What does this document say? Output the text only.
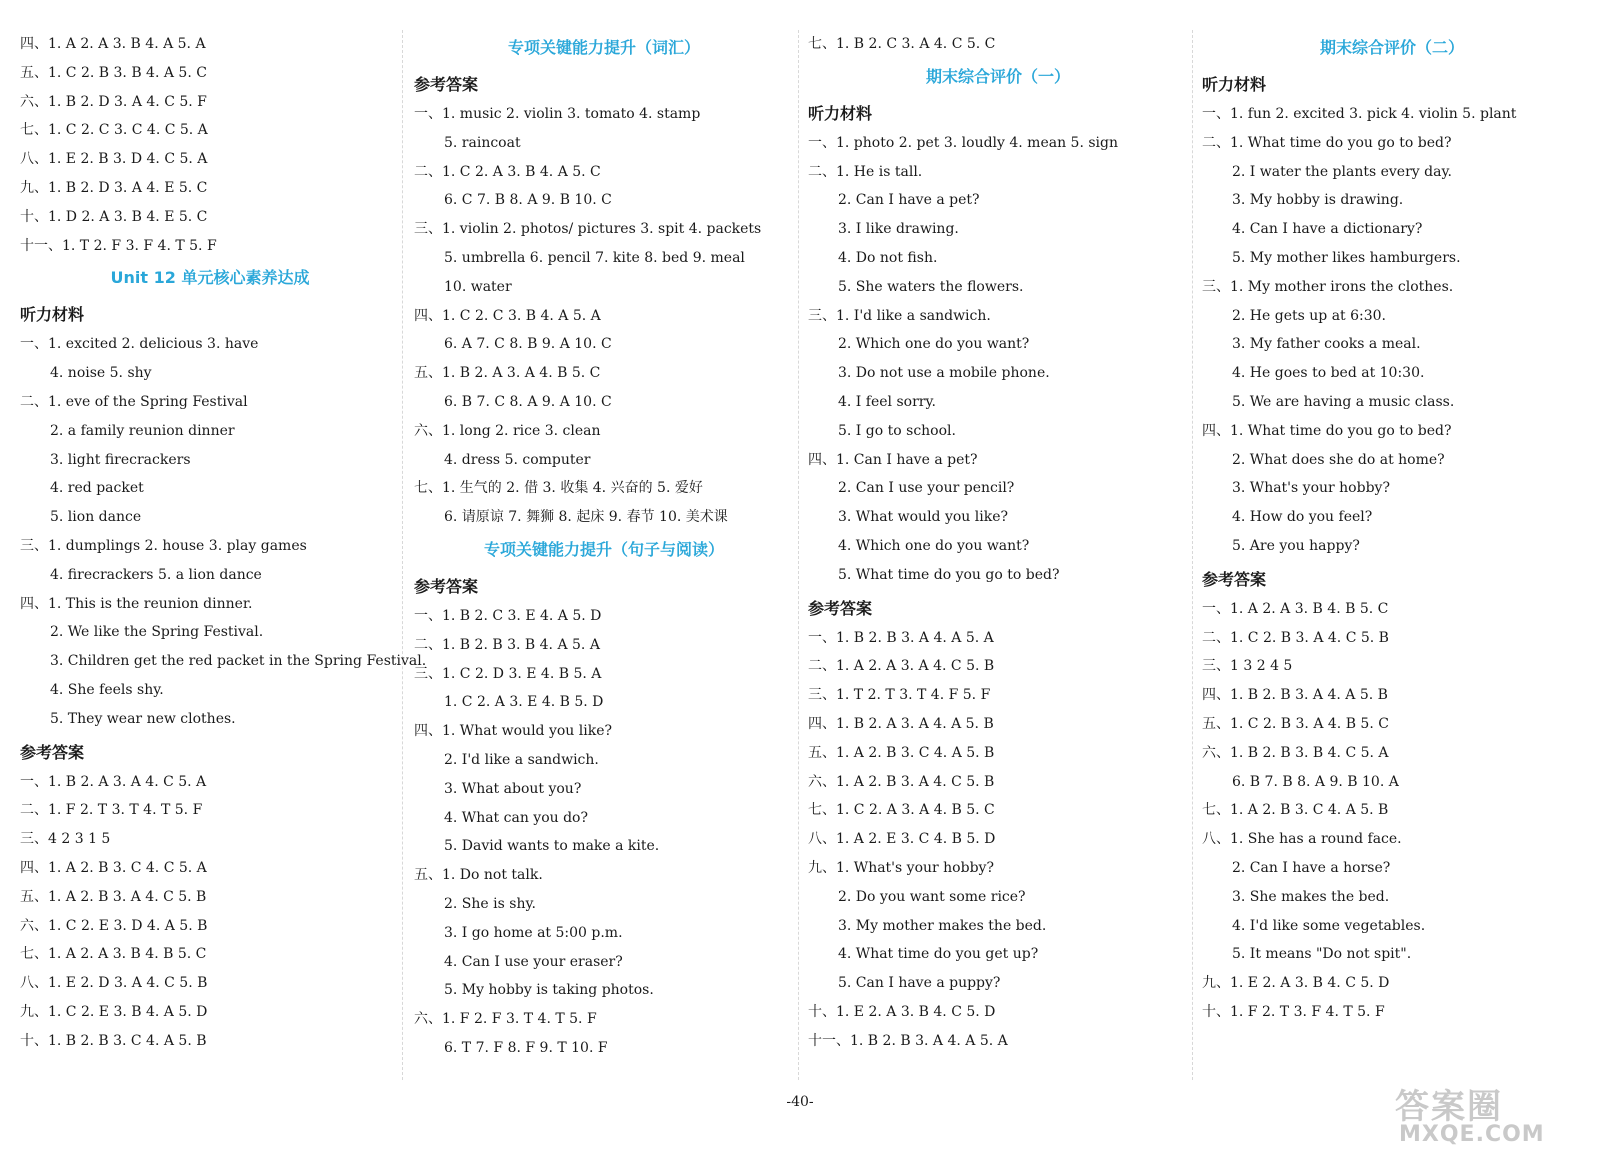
四、1. A 2. A 3. B 4. A 5. A
五、1. C 2. B 3. B 4. A 5. C
六、1. B 2. D 3. A 4. C 5. F
七、1. C 2. C 3. C 4. C 5. A
八、1. E 2. B 3. D 4. C 5. A
九、1. B 2. D 3. A 4. E 5. C
十、1. D 2. A 3. B 4. E 5. C
十一、1. T 2. F 3. F 4. T 5. F
Unit 12 单元核心素养达成
听力材料
一、1. excited 2. delicious 3. have
4. noise 5. shy
二、1. eve of the Spring Festival
2. a family reunion dinner
3. light firecrackers
4. red packet
5. lion dance
三、1. dumplings 2. house 3. play games
4. firecrackers 5. a lion dance
四、1. This is the reunion dinner.
2. We like the Spring Festival.
3. Children get the red packet in the Spring Festival.
4. She feels shy.
5. They wear new clothes.
参考答案
一、1. B 2. A 3. A 4. C 5. A
二、1. F 2. T 3. T 4. T 5. F
三、4 2 3 1 5
四、1. A 2. B 3. C 4. C 5. A
五、1. A 2. B 3. A 4. C 5. B
六、1. C 2. E 3. D 4. A 5. B
七、1. A 2. A 3. B 4. B 5. C
八、1. E 2. D 3. A 4. C 5. B
九、1. C 2. E 3. B 4. A 5. D
十、1. B 2. B 3. C 4. A 5. B
专项关键能力提升（词汇）
参考答案
一、1. music 2. violin 3. tomato 4. stamp
5. raincoat
二、1. C 2. A 3. B 4. A 5. C
6. C 7. B 8. A 9. B 10. C
三、1. violin 2. photos/ pictures 3. spit 4. packets
5. umbrella 6. pencil 7. kite 8. bed 9. meal
10. water
四、1. C 2. C 3. B 4. A 5. A
6. A 7. C 8. B 9. A 10. C
五、1. B 2. A 3. A 4. B 5. C
6. B 7. C 8. A 9. A 10. C
六、1. long 2. rice 3. clean
4. dress 5. computer
七、1. 生气的 2. 借 3. 收集 4. 兴奋的 5. 爱好
6. 请原谅 7. 舞狮 8. 起床 9. 春节 10. 美术课
专项关键能力提升（句子与阅读）
参考答案
一、1. B 2. C 3. E 4. A 5. D
二、1. B 2. B 3. B 4. A 5. A
三、1. C 2. D 3. E 4. B 5. A
1. C 2. A 3. E 4. B 5. D
四、1. What would you like?
2. I'd like a sandwich.
3. What about you?
4. What can you do?
5. David wants to make a kite.
五、1. Do not talk.
2. She is shy.
3. I go home at 5:00 p.m.
4. Can I use your eraser?
5. My hobby is taking photos.
六、1. F 2. F 3. T 4. T 5. F
6. T 7. F 8. F 9. T 10. F
七、1. B 2. C 3. A 4. C 5. C
期末综合评价（一）
听力材料
一、1. photo 2. pet 3. loudly 4. mean 5. sign
二、1. He is tall.
2. Can I have a pet?
3. I like drawing.
4. Do not fish.
5. She waters the flowers.
三、1. I'd like a sandwich.
2. Which one do you want?
3. Do not use a mobile phone.
4. I feel sorry.
5. I go to school.
四、1. Can I have a pet?
2. Can I use your pencil?
3. What would you like?
4. Which one do you want?
5. What time do you go to bed?
参考答案
一、1. B 2. B 3. A 4. A 5. A
二、1. A 2. A 3. A 4. C 5. B
三、1. T 2. T 3. T 4. F 5. F
四、1. B 2. A 3. A 4. A 5. B
五、1. A 2. B 3. C 4. A 5. B
六、1. A 2. B 3. A 4. C 5. B
七、1. C 2. A 3. A 4. B 5. C
八、1. A 2. E 3. C 4. B 5. D
九、1. What's your hobby?
2. Do you want some rice?
3. My mother makes the bed.
4. What time do you get up?
5. Can I have a puppy?
十、1. E 2. A 3. B 4. C 5. D
十一、1. B 2. B 3. A 4. A 5. A
期末综合评价（二）
听力材料
一、1. fun 2. excited 3. pick 4. violin 5. plant
二、1. What time do you go to bed?
2. I water the plants every day.
3. My hobby is drawing.
4. Can I have a dictionary?
5. My mother likes hamburgers.
三、1. My mother irons the clothes.
2. He gets up at 6:30.
3. My father cooks a meal.
4. He goes to bed at 10:30.
5. We are having a music class.
四、1. What time do you go to bed?
2. What does she do at home?
3. What's your hobby?
4. How do you feel?
5. Are you happy?
参考答案
一、1. A 2. A 3. B 4. B 5. C
二、1. C 2. B 3. A 4. C 5. B
三、1 3 2 4 5
四、1. B 2. B 3. A 4. A 5. B
五、1. C 2. B 3. A 4. B 5. C
六、1. B 2. B 3. B 4. C 5. A
6. B 7. B 8. A 9. B 10. A
七、1. A 2. B 3. C 4. A 5. B
八、1. She has a round face.
2. Can I have a horse?
3. She makes the bed.
4. I'd like some vegetables.
5. It means "Do not spit".
九、1. E 2. A 3. B 4. C 5. D
十、1. F 2. T 3. F 4. T 5. F
-40-	答案圈
MXQE.COM
